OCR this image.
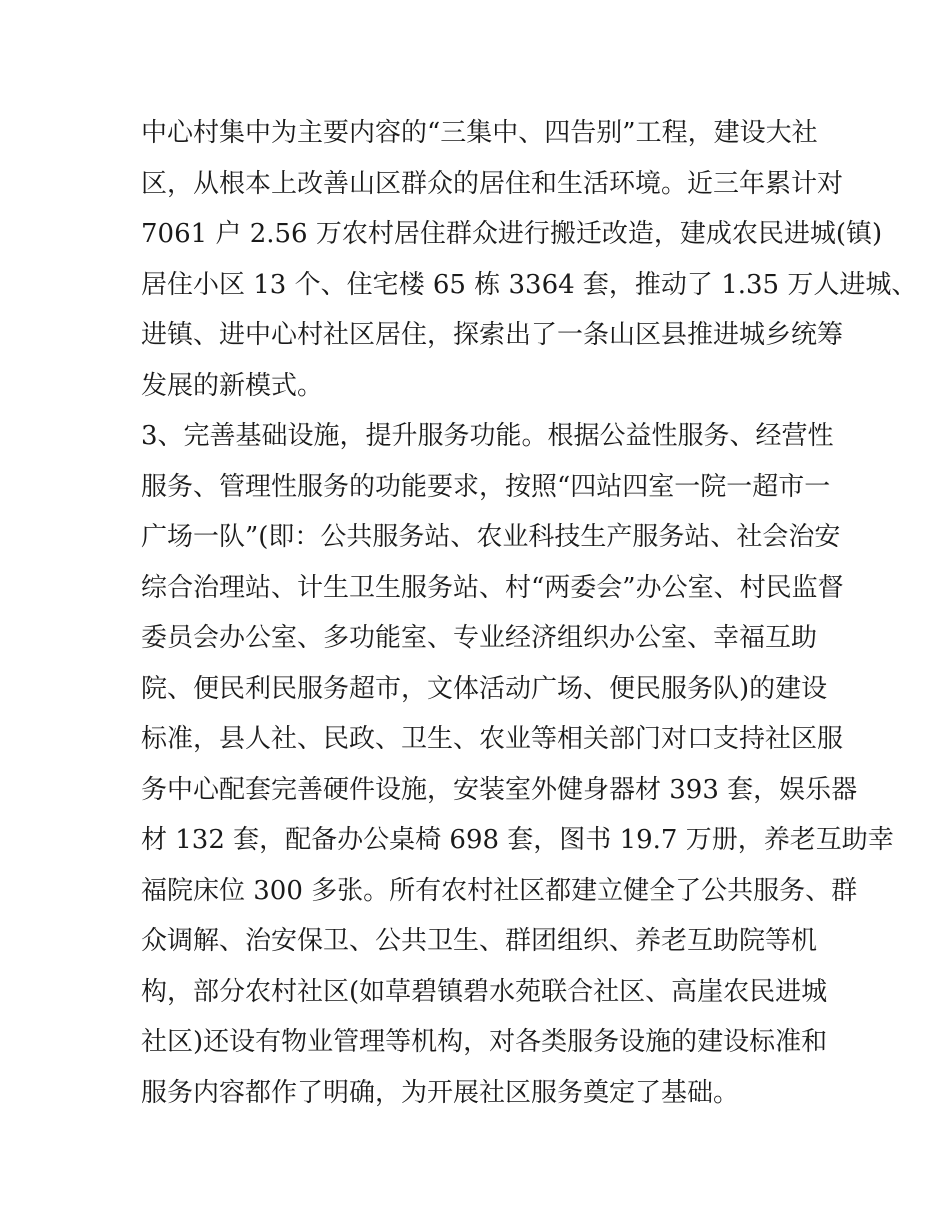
中心村集中为主要内容的“三集中、四告别”工程，建设大社
区，从根本上改善山区群众的居住和生活环境。近三年累计对
7061 户 2.56 万农村居住群众进行搬迁改造，建成农民进城(镇)
居住小区 13 个、住宅楼 65 栋 3364 套，推动了 1.35 万人进城、
进镇、进中心村社区居住，探索出了一条山区县推进城乡统筹
发展的新模式。
3、完善基础设施，提升服务功能。根据公益性服务、经营性
服务、管理性服务的功能要求，按照“四站四室一院一超市一
广场一队”(即：公共服务站、农业科技生产服务站、社会治安
综合治理站、计生卫生服务站、村“两委会”办公室、村民监督
委员会办公室、多功能室、专业经济组织办公室、幸福互助
院、便民利民服务超市，文体活动广场、便民服务队)的建设
标准，县人社、民政、卫生、农业等相关部门对口支持社区服
务中心配套完善硬件设施，安装室外健身器材 393 套，娱乐器
材 132 套，配备办公桌椅 698 套，图书 19.7 万册，养老互助幸
福院床位 300 多张。所有农村社区都建立健全了公共服务、群
众调解、治安保卫、公共卫生、群团组织、养老互助院等机
构，部分农村社区(如草碧镇碧水苑联合社区、高崖农民进城
社区)还设有物业管理等机构，对各类服务设施的建设标准和
服务内容都作了明确，为开展社区服务奠定了基础。
